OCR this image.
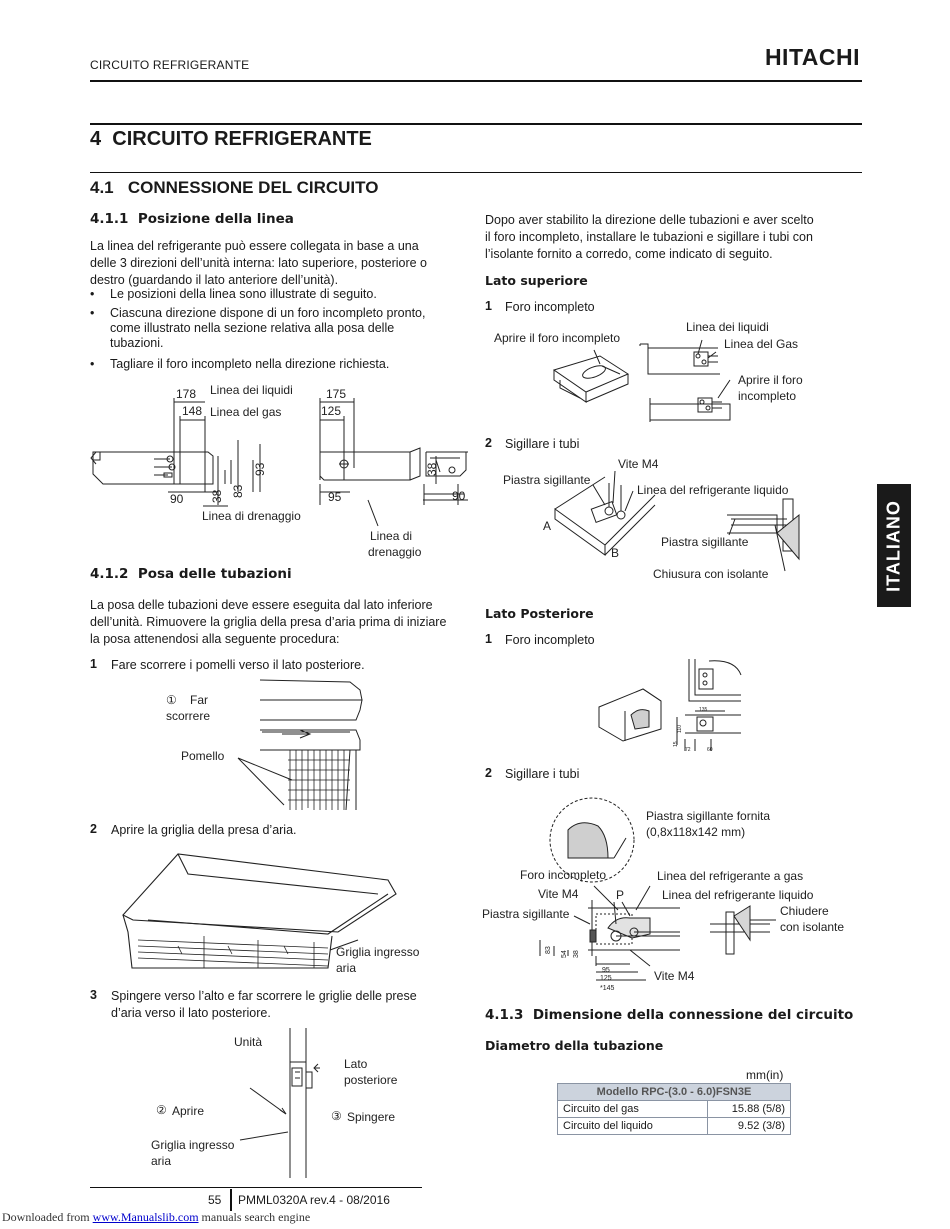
CIRCUITO REFRIGERANTE	HITACHI
ITALIANO
4 CIRCUITO REFRIGERANTE
4.1 CONNESSIONE DEL CIRCUITO
4.1.1 Posizione della linea
La linea del refrigerante può essere collegata in base a una
delle 3 direzioni dell’unità interna: lato superiore, posteriore o
destro (guardando il lato anteriore dell’unità).
• Le posizioni della linea sono illustrate di seguito.
• Ciascuna direzione dispone di un foro incompleto pronto,
come illustrato nella sezione relativa alla posa delle
tubazioni.
• Tagliare il foro incompleto nella direzione richiesta.
178 Linea dei liquidi	175
148 Linea del gas	125
93
83
38
38
90	95	90
Linea di drenaggio
Linea di
drenaggio
4.1.2 Posa delle tubazioni
La posa delle tubazioni deve essere eseguita dal lato inferiore
dell’unità. Rimuovere la griglia della presa d’aria prima di iniziare
la posa attenendosi alla seguente procedura:
1 Fare scorrere i pomelli verso il lato posteriore.
① Far
scorrere
Pomello
2 Aprire la griglia della presa d’aria.
Griglia ingresso
aria
3 Spingere verso l’alto e far scorrere le griglie delle prese
d’aria verso il lato posteriore.
Unità
Lato
posteriore
② Aprire	③ Spingere
Griglia ingresso
aria
Dopo aver stabilito la direzione delle tubazioni e aver scelto
il foro incompleto, installare le tubazioni e sigillare i tubi con
l’isolante fornito a corredo, come indicato di seguito.
Lato superiore
1 Foro incompleto
Aprire il foro incompleto
Linea dei liquidi
Linea del Gas
Aprire il foro
incompleto
2 Sigillare i tubi
Vite M4
Piastra sigillante
Linea del refrigerante liquido
A
B
Piastra sigillante
Chiusura con isolante
Lato Posteriore
1 Foro incompleto
135
110
15
72	60
2 Sigillare i tubi
Piastra sigillante fornita
(0,8x118x142 mm)
Foro incompleto	Linea del refrigerante a gas
Vite M4	P	Linea del refrigerante liquido
Piastra sigillante	Chiudere
con isolante
Vite M4
83
54 38
95
125
*145
4.1.3 Dimensione della connessione del circuito
Diametro della tubazione
mm(in)
Modello RPC-(3.0 - 6.0)FSN3E	
Circuito del gas	15.88 (5/8)
Circuito del liquido	9.52 (3/8)
55 PMML0320A rev.4 - 08/2016
Downloaded from www.Manualslib.com manuals search engine
